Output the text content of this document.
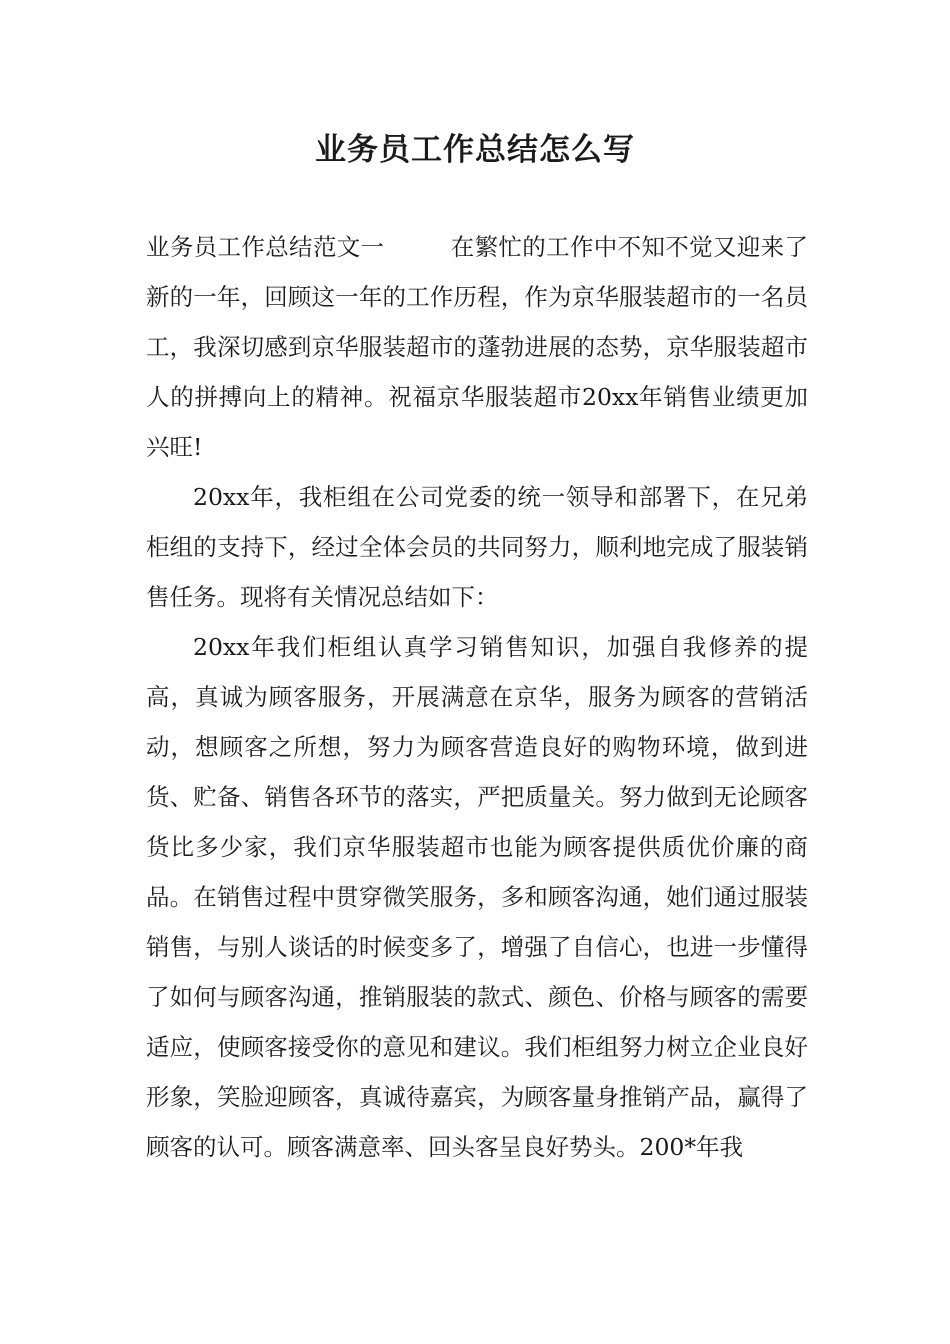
业务员工作总结怎么写

业务员工作总结范文一	在繁忙的工作中不知不觉又迎来了新的一年，回顾这一年的工作历程，作为京华服装超市的一名员工，我深切感到京华服装超市的蓬勃进展的态势，京华服装超市人的拼搏向上的精神。祝福京华服装超市20xx年销售业绩更加兴旺!

20xx年，我柜组在公司党委的统一领导和部署下，在兄弟柜组的支持下，经过全体会员的共同努力，顺利地完成了服装销售任务。现将有关情况总结如下：

20xx年我们柜组认真学习销售知识，加强自我修养的提高，真诚为顾客服务，开展满意在京华，服务为顾客的营销活动，想顾客之所想，努力为顾客营造良好的购物环境，做到进货、贮备、销售各环节的落实，严把质量关。努力做到无论顾客货比多少家，我们京华服装超市也能为顾客提供质优价廉的商品。在销售过程中贯穿微笑服务，多和顾客沟通，她们通过服装销售，与别人谈话的时候变多了，增强了自信心，也进一步懂得了如何与顾客沟通，推销服装的款式、颜色、价格与顾客的需要适应，使顾客接受你的意见和建议。我们柜组努力树立企业良好形象，笑脸迎顾客，真诚待嘉宾，为顾客量身推销产品，赢得了顾客的认可。顾客满意率、回头客呈良好势头。200*年我
